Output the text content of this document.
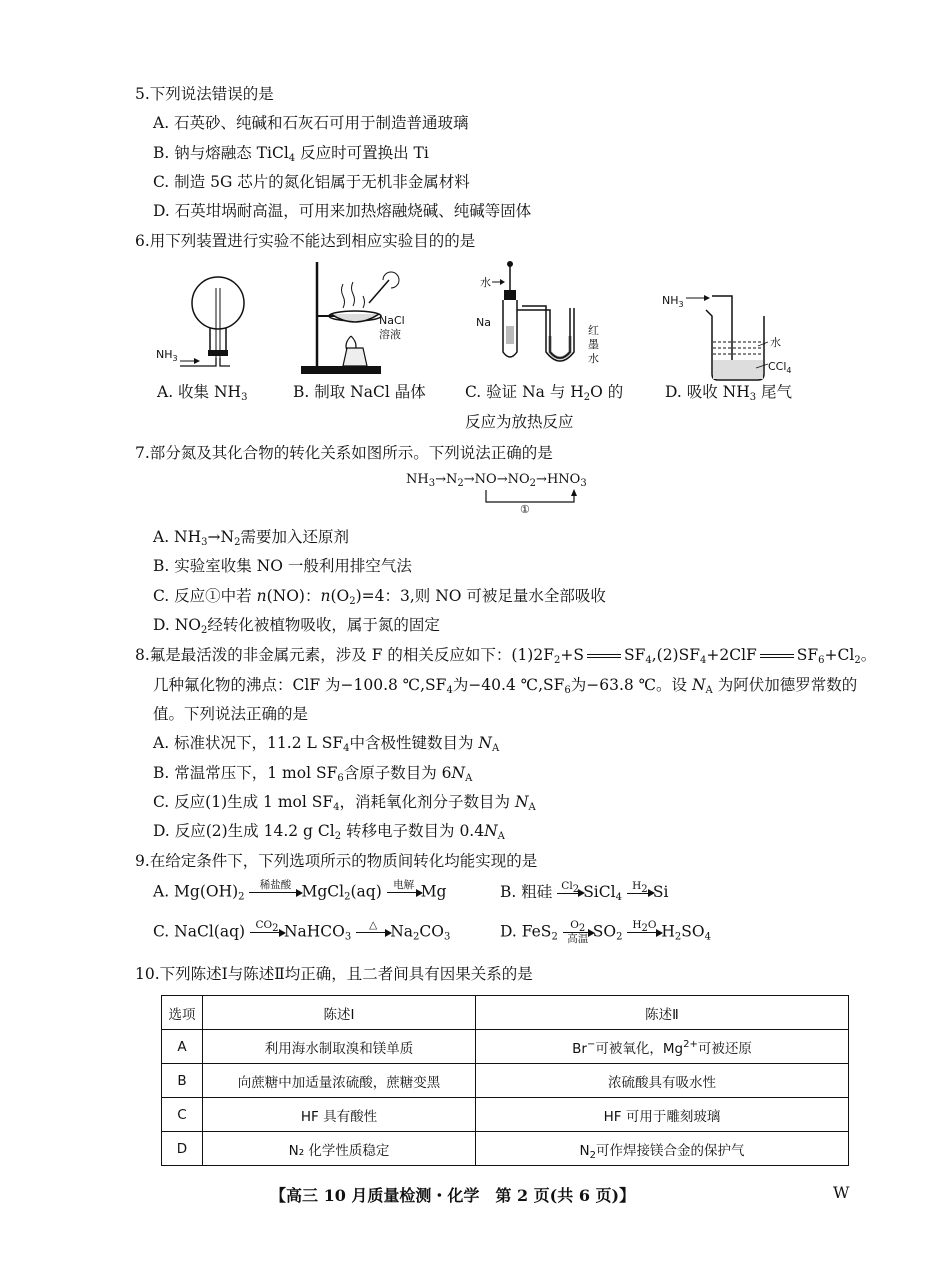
5.下列说法错误的是
A. 石英砂、纯碱和石灰石可用于制造普通玻璃
B. 钠与熔融态 TiCl$_4$ 反应时可置换出 Ti
C. 制造 5G 芯片的氮化铝属于无机非金属材料
D. 石英坩埚耐高温，可用来加热熔融烧碱、纯碱等固体
6.用下列装置进行实验不能达到相应实验目的的是
$NH_3$
A. 收集 $NH_3$
NaCl
溶液
B. 制取 NaCl 晶体
水
Na
红
墨
水
C. 验证 Na 与 $H_2O$ 的
反应为放热反应
$NH_3$
水
CCl$_4$
D. 吸收 $NH_3$ 尾气
7.部分氮及其化合物的转化关系如图所示。下列说法正确的是
$NH_3\to N_2\to NO\to NO_2\to HNO_3$
①
A. $NH_3\to N_2$需要加入还原剂
B. 实验室收集 NO 一般利用排空气法
C. 反应①中若 n(NO)：$n(O_2)=4$：3,则 NO 可被足量水全部吸收
D. $NO_2$经转化被植物吸收，属于氮的固定
8.氟是最活泼的非金属元素，涉及 F 的相关反应如下：$(1)2F_2+S$	$SF_4,(2)SF_4+2ClF$	$SF_6+Cl_2$。
几种氟化物的沸点：ClF 为−100.8 $℃,SF_4$为−40.4 $℃,SF_6$为−63.8 ℃。设 $N_A$ 为阿伏加德罗常数的
值。下列说法正确的是
A. 标准状况下，11.2 L $SF_4$中含极性键数目为 $N_A$
B. 常温常压下，1 mol $SF_6$含原子数目为 $6N_A$
C. 反应(1)生成 1 mol $SF_4$，消耗氧化剂分子数目为 $N_A$
D. 反应(2)生成 14.2 g $Cl_2$ 转移电子数目为 $0.4N_A$
9.在给定条件下，下列选项所示的物质间转化均能实现的是
A. $Mg(OH)_2$
稀盐酸 MgCl$_2$(aq)	电解 Mg	B. 粗硅 $Cl_2$ SiCl$_4$
$H_2$ Si
C. NaCl(aq) $CO_2$ NaHCO$_3$
△ $Na_2CO_3$	D. FeS$_2$
$O_2$
高温 $SO_2$
$H_2O$ $H_2SO_4$
10.下列陈述Ⅰ与陈述Ⅱ均正确，且二者间具有因果关系的是
选项	陈述Ⅰ	陈述Ⅱ
A	利用海水制取溴和镁单质	Br−可被氧化，$Mg^{2+}$可被还原
B	向蔗糖中加适量浓硫酸，蔗糖变黑	浓硫酸具有吸水性
C	HF 具有酸性	HF 可用于雕刻玻璃
D	N₂ 化学性质稳定	$N_2$可作焊接镁合金的保护气
【高三 10 月质量检测・化学　第 2 页(共 6 页)】	W
